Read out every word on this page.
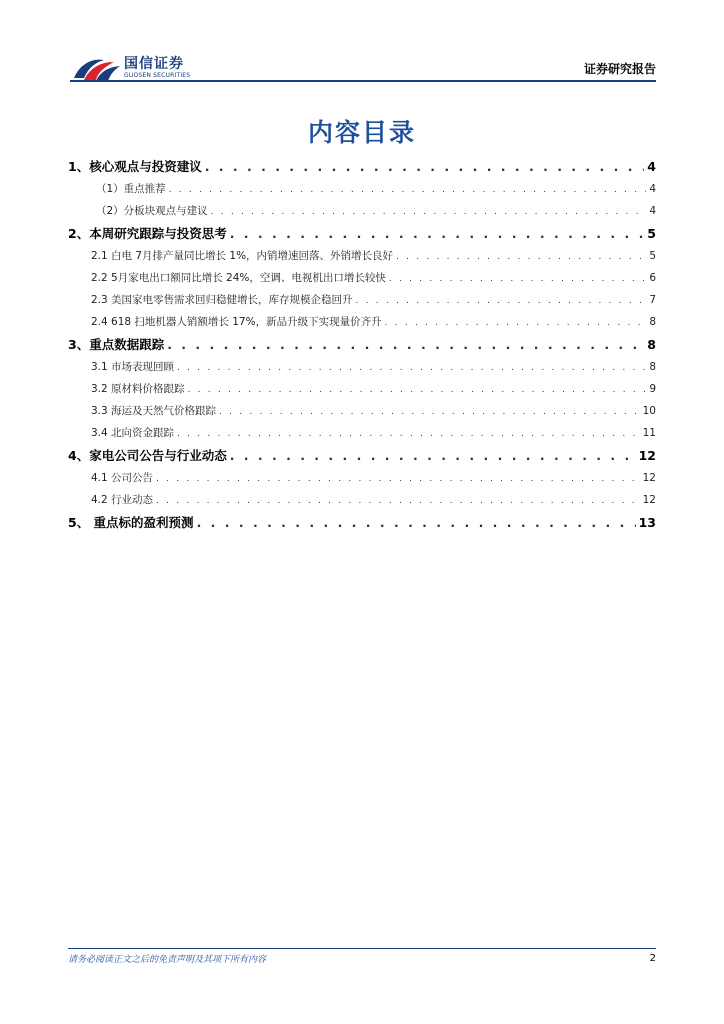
国信证券
GUOSEN SECURITIES	证券研究报告
内容目录
1、核心观点与投资建议 . . .	4
（1）重点推荐 . . .	4
（2）分板块观点与建议 . . .	4
2、本周研究跟踪与投资思考 . . .	5
2.1 白电 7月排产量同比增长 1%，内销增速回落、外销增长良好 . . .	5
2.2 5月家电出口额同比增长 24%，空调、电视机出口增长较快 . . .	6
2.3 美国家电零售需求回归稳健增长，库存规模企稳回升 . . .	7
2.4 618 扫地机器人销额增长 17%，新品升级下实现量价齐升 . . .	8
3、重点数据跟踪 . . .	8
3.1 市场表现回顾 . . .	8
3.2 原材料价格跟踪 . . .	9
3.3 海运及天然气价格跟踪 . . .	10
3.4 北向资金跟踪 . . .	11
4、家电公司公告与行业动态 . . .	12
4.1 公司公告 . . .	12
4.2 行业动态 . . .	12
5、 重点标的盈利预测 . . .	13
请务必阅读正文之后的免责声明及其项下所有内容	2
